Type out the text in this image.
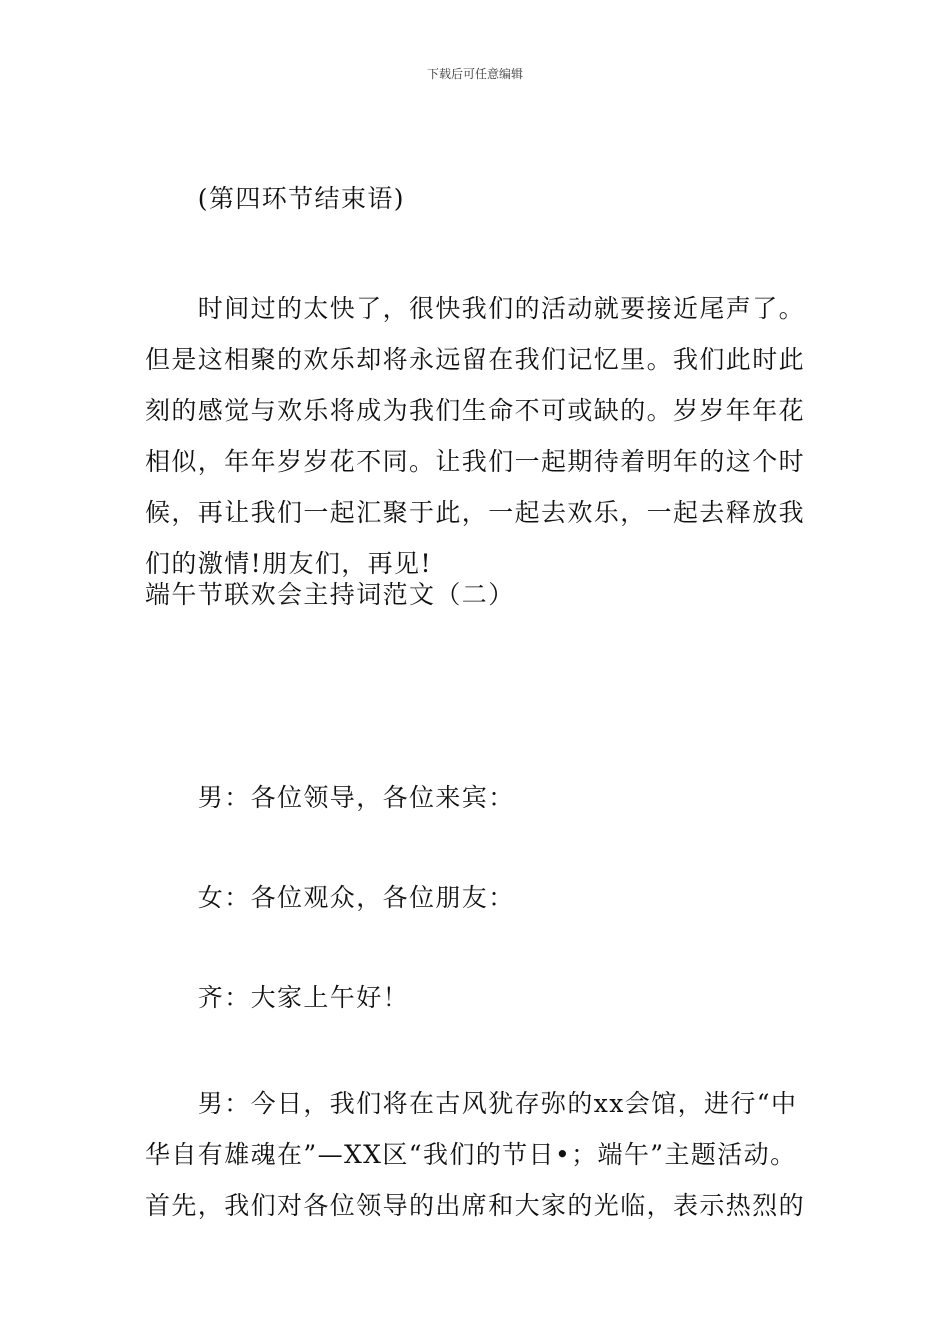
下载后可任意编辑

　　(第四环节结束语)

　　时间过的太快了，很快我们的活动就要接近尾声了。
但是这相聚的欢乐却将永远留在我们记忆里。我们此时此
刻的感觉与欢乐将成为我们生命不可或缺的。岁岁年年花
相似，年年岁岁花不同。让我们一起期待着明年的这个时
候，再让我们一起汇聚于此，一起去欢乐，一起去释放我
们的激情!朋友们，再见!

端午节联欢会主持词范文（二）

　　男：各位领导，各位来宾：

　　女：各位观众，各位朋友：

　　齐：大家上午好！

　　男：今日，我们将在古风犹存弥的xx会馆，进行“中
华自有雄魂在”—XX区“我们的节日•；端午”主题活动。
首先，我们对各位领导的出席和大家的光临，表示热烈的
